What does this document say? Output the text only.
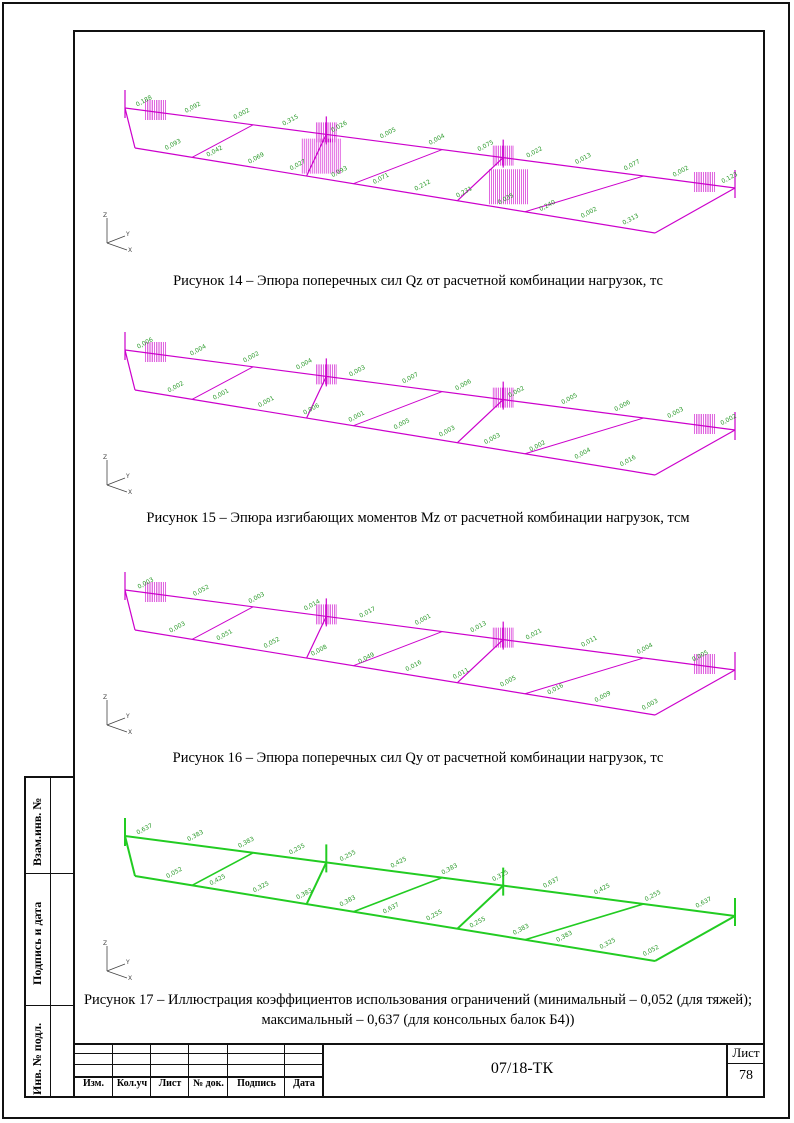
0,188
0,093
0,092
0,042
0,002
0,069
0,315
0,027
0,026
0,093
0,005
0,071
0,004
0,212
0,075
0,231
0,022
0,035
0,013
0,240
0,077
0,002
0,002
0,313
0,123
Z
Y
X
Рисунок 14 – Эпюра поперечных сил Qz от расчетной комбинации нагрузок, тс
0,006
0,002
0,004
0,001
0,002
0,001
0,004
0,006
0,003
0,001
0,007
0,005
0,006
0,003
0,002
0,003
0,005
0,002
0,006
0,004
0,003
0,016
0,002
Z
Y
X
Рисунок 15 – Эпюра изгибающих моментов Mz от расчетной комбинации нагрузок, тсм
0,003
0,003
0,052
0,051
0,003
0,052
0,014
0,008
0,017
0,049
0,001
0,016
0,013
0,011
0,021
0,005
0,011
0,016
0,004
0,009
0,005
0,003
Z
Y
X
Рисунок 16 – Эпюра поперечных сил Qy от расчетной комбинации нагрузок, тс
0,637
0,052
0,383
0,425
0,383
0,325
0,255
0,383
0,255
0,383
0,425
0,637
0,383
0,255
0,325
0,255
0,637
0,383
0,425
0,383
0,255
0,325
0,637
0,052
Z
Y
X
Рисунок 17 – Иллюстрация коэффициентов использования ограничений (минимальный – 0,052 (для тяжей); максимальный – 0,637 (для консольных балок Б4))
Взам.инв. №
Подпись и дата
Инв. № подл.	Изм.	Кол.уч	Лист	№ док.	Подпись	Дата
07/18-ТК
Лист
78
